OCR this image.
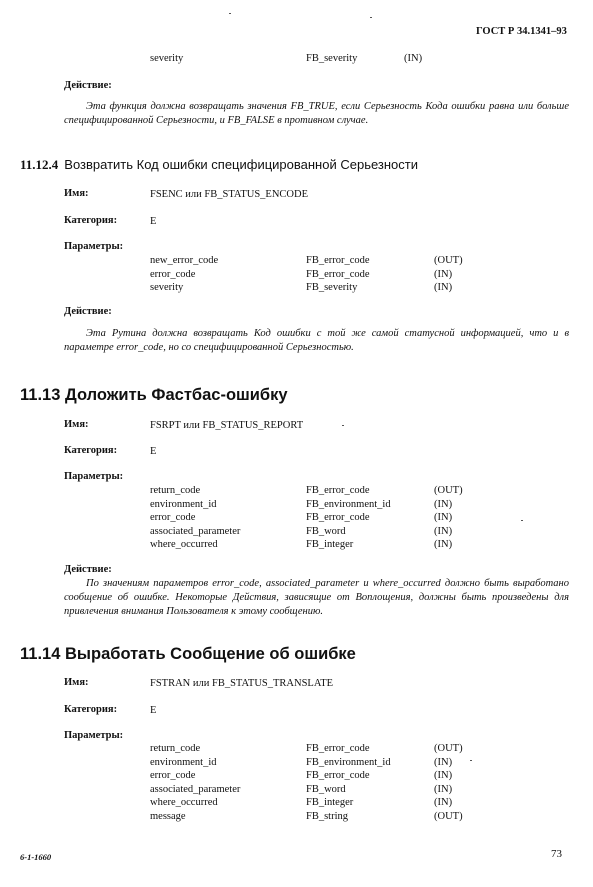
ГОСТ Р 34.1341–93
severity	FB_severity	(IN)
Действие:
Эта функция должна возвращать значения FB_TRUE, если Серьезность Кода ошибки равна или больше специфицированной Серьезности, и FB_FALSE в противном случае.
11.12.4 Возвратить Код ошибки специфицированной Серьезности
Имя:	FSENC или FB_STATUS_ENCODE
Категория:	E
Параметры:
new_error_code	FB_error_code	(OUT)
error_code	FB_error_code	(IN)
severity	FB_severity	(IN)
Действие:
Эта Рутина должна возвращать Код ошибки с той же самой статусной информацией, что и в параметре error_code, но со специфицированной Серьезностью.
11.13 Доложить Фастбас-ошибку
Имя:	FSRPT или FB_STATUS_REPORT
Категория:	E
Параметры:
return_code	FB_error_code	(OUT)
environment_id	FB_environment_id	(IN)
error_code	FB_error_code	(IN)
associated_parameter	FB_word	(IN)
where_occurred	FB_integer	(IN)
Действие:
По значениям параметров error_code, associated_parameter и where_occurred должно быть выработано сообщение об ошибке. Некоторые Действия, зависящие от Воплощения, должны быть произведены для привлечения внимания Пользователя к этому сообщению.
11.14 Выработать Сообщение об ошибке
Имя:	FSTRAN или FB_STATUS_TRANSLATE
Категория:	E
Параметры:
return_code	FB_error_code	(OUT)
environment_id	FB_environment_id	(IN)
error_code	FB_error_code	(IN)
associated_parameter	FB_word	(IN)
where_occurred	FB_integer	(IN)
message	FB_string	(OUT)
6-1-1660	73
